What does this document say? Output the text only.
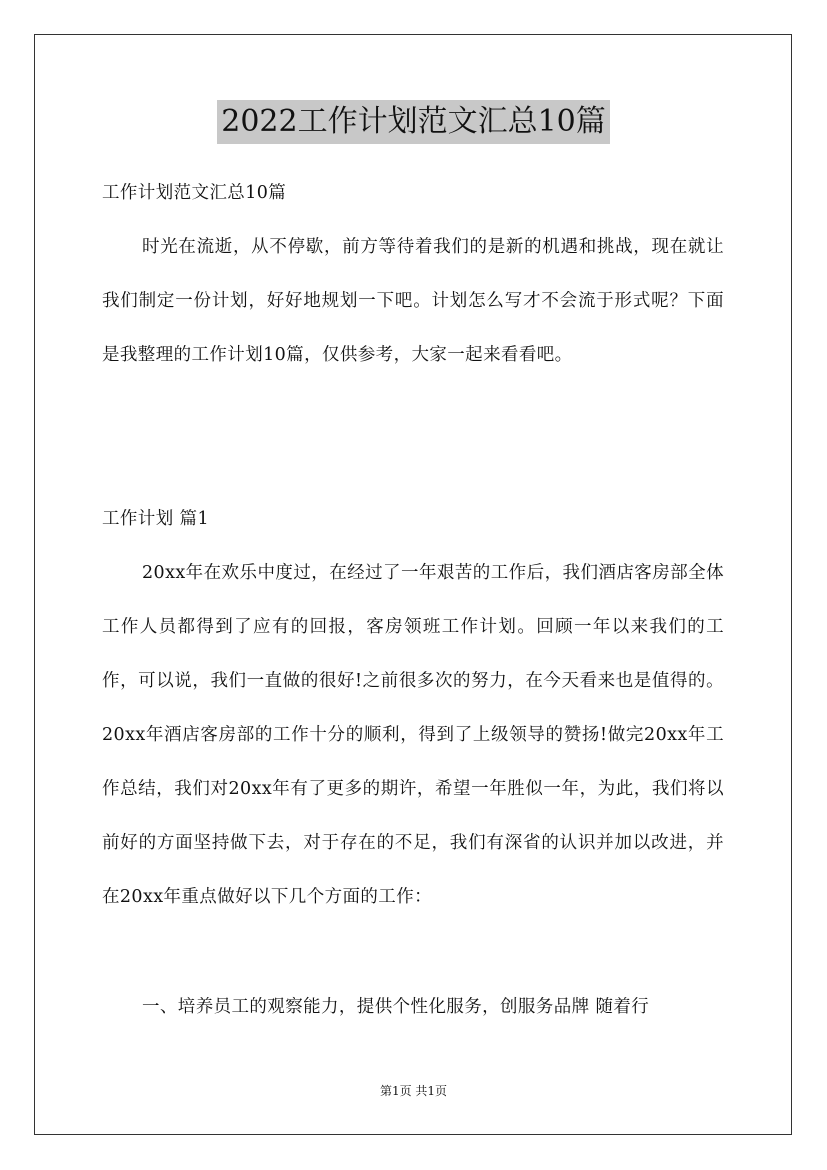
2022工作计划范文汇总10篇

工作计划范文汇总10篇

时光在流逝，从不停歇，前方等待着我们的是新的机遇和挑战，现在就让我们制定一份计划，好好地规划一下吧。计划怎么写才不会流于形式呢？下面是我整理的工作计划10篇，仅供参考，大家一起来看看吧。

工作计划 篇1

20xx年在欢乐中度过，在经过了一年艰苦的工作后，我们酒店客房部全体工作人员都得到了应有的回报，客房领班工作计划。回顾一年以来我们的工作，可以说，我们一直做的很好!之前很多次的努力，在今天看来也是值得的。20xx年酒店客房部的工作十分的顺利，得到了上级领导的赞扬!做完20xx年工作总结，我们对20xx年有了更多的期许，希望一年胜似一年，为此，我们将以前好的方面坚持做下去，对于存在的不足，我们有深省的认识并加以改进，并在20xx年重点做好以下几个方面的工作：

一、培养员工的观察能力，提供个性化服务，创服务品牌 随着行

第1页 共1页
